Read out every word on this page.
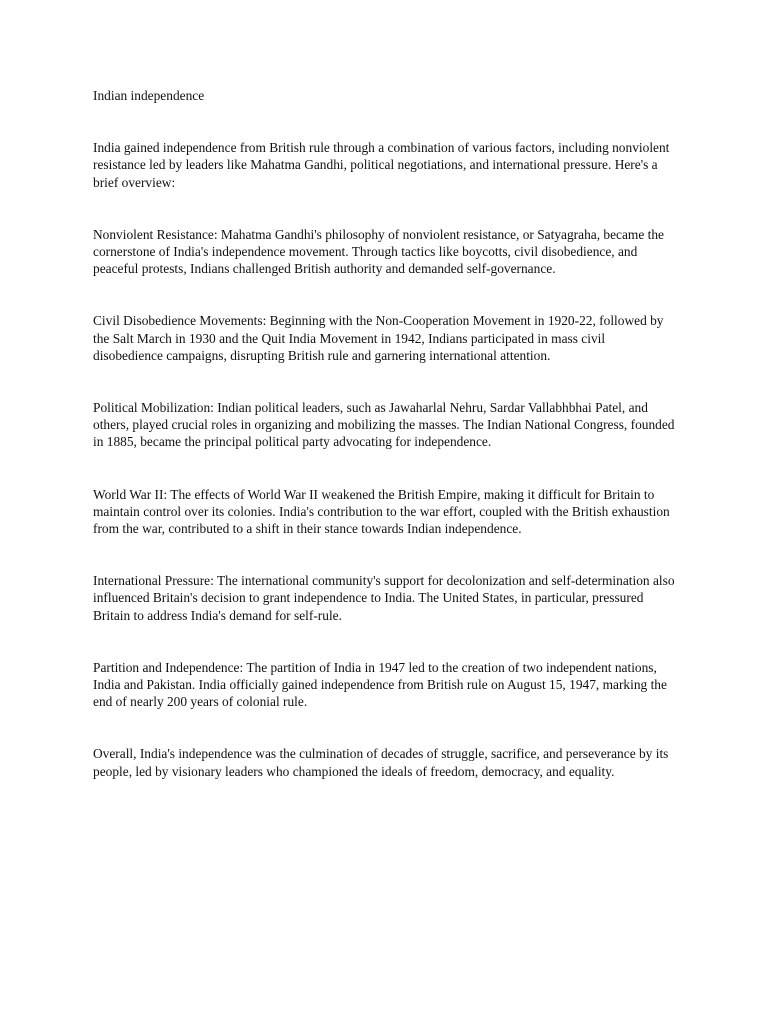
Indian independence

India gained independence from British rule through a combination of various factors, including nonviolent resistance led by leaders like Mahatma Gandhi, political negotiations, and international pressure. Here's a brief overview:

Nonviolent Resistance: Mahatma Gandhi's philosophy of nonviolent resistance, or Satyagraha, became the cornerstone of India's independence movement. Through tactics like boycotts, civil disobedience, and peaceful protests, Indians challenged British authority and demanded self-governance.

Civil Disobedience Movements: Beginning with the Non-Cooperation Movement in 1920-22, followed by the Salt March in 1930 and the Quit India Movement in 1942, Indians participated in mass civil disobedience campaigns, disrupting British rule and garnering international attention.

Political Mobilization: Indian political leaders, such as Jawaharlal Nehru, Sardar Vallabhbhai Patel, and others, played crucial roles in organizing and mobilizing the masses. The Indian National Congress, founded in 1885, became the principal political party advocating for independence.

World War II: The effects of World War II weakened the British Empire, making it difficult for Britain to maintain control over its colonies. India's contribution to the war effort, coupled with the British exhaustion from the war, contributed to a shift in their stance towards Indian independence.

International Pressure: The international community's support for decolonization and self-determination also influenced Britain's decision to grant independence to India. The United States, in particular, pressured Britain to address India's demand for self-rule.

Partition and Independence: The partition of India in 1947 led to the creation of two independent nations, India and Pakistan. India officially gained independence from British rule on August 15, 1947, marking the end of nearly 200 years of colonial rule.

Overall, India's independence was the culmination of decades of struggle, sacrifice, and perseverance by its people, led by visionary leaders who championed the ideals of freedom, democracy, and equality.
